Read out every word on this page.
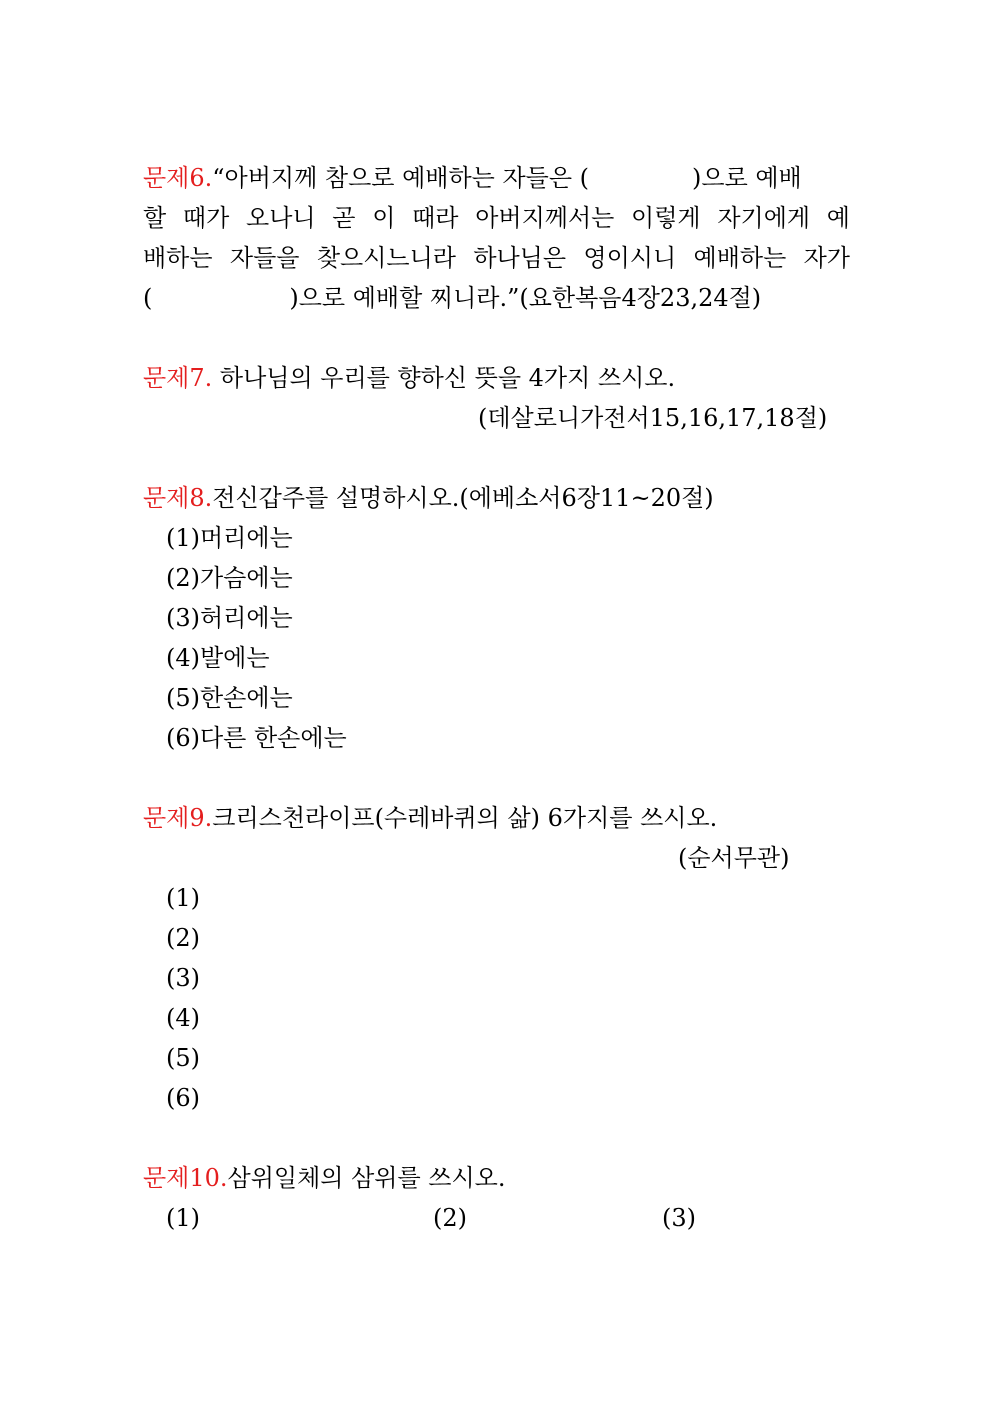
문제6.“아버지께 참으로 예배하는 자들은 (	)으로 예배
할 때가 오나니 곧 이 때라 아버지께서는 이렇게 자기에게 예
배하는 자들을 찾으시느니라 하나님은 영이시니 예배하는 자가
(	)으로 예배할 찌니라.”(요한복음4장23,24절)
문제7. 하나님의 우리를 향하신 뜻을 4가지 쓰시오.
(데살로니가전서15,16,17,18절)
문제8.전신갑주를 설명하시오.(에베소서6장11~20절)
(1)머리에는
(2)가슴에는
(3)허리에는
(4)발에는
(5)한손에는
(6)다른 한손에는
문제9.크리스천라이프(수레바퀴의 삶) 6가지를 쓰시오.
(순서무관)
(1)
(2)
(3)
(4)
(5)
(6)
문제10.삼위일체의 삼위를 쓰시오.
(1)	(2)	(3)
